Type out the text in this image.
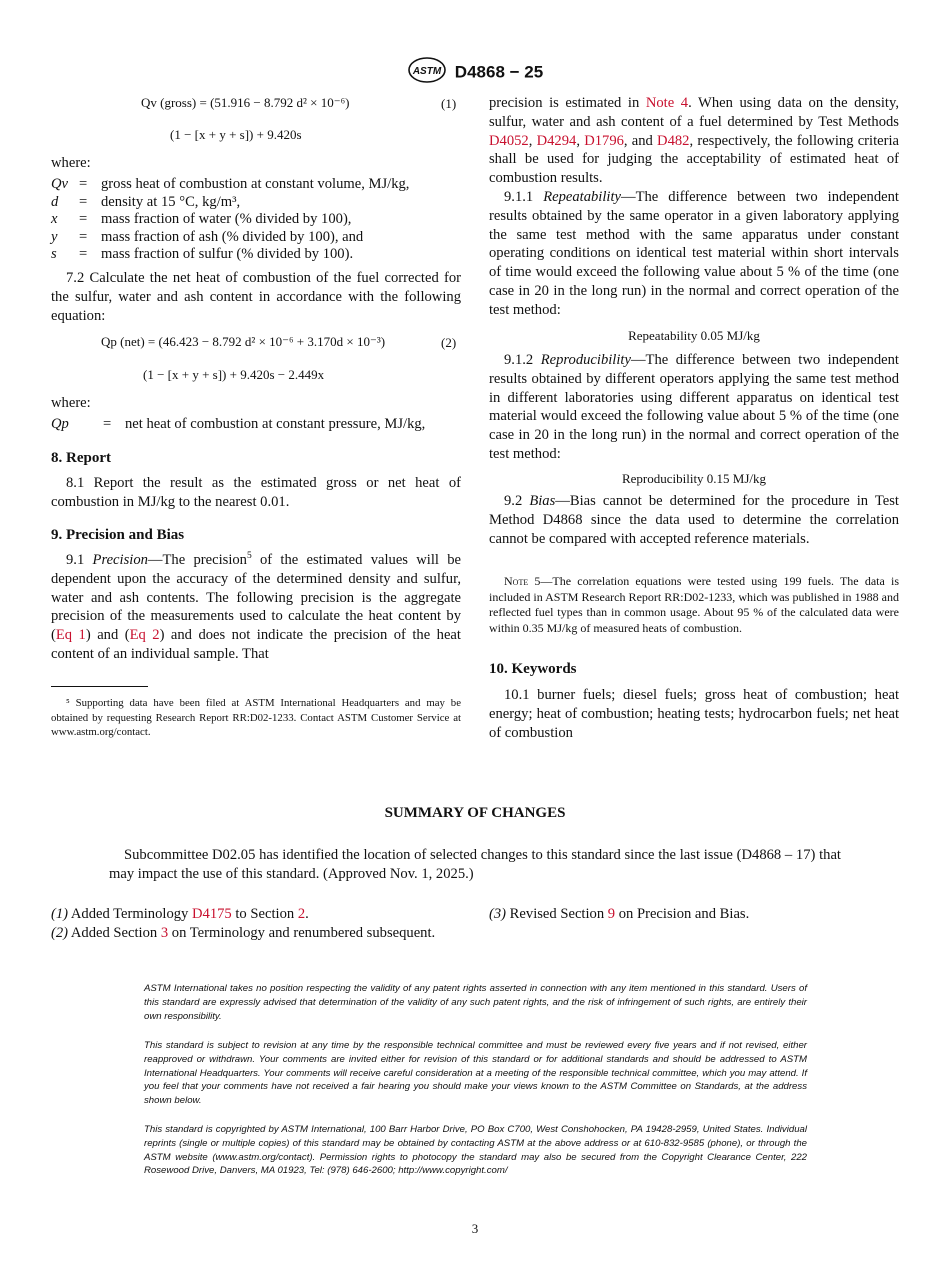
ASTM D4868 − 25
Qv (gross) = (51.916 − 8.792 d² × 10⁻⁶)	(1)
(1 − [x + y + s]) + 9.420s
where:
Qv = gross heat of combustion at constant volume, MJ/kg,
d	= density at 15 °C, kg/m³,
x	= mass fraction of water (% divided by 100),
y	= mass fraction of ash (% divided by 100), and
s	= mass fraction of sulfur (% divided by 100).

7.2 Calculate the net heat of combustion of the fuel corrected for the sulfur, water and ash content in accordance with the following equation:

Qp (net) = (46.423 − 8.792 d² × 10⁻⁶ + 3.170d × 10⁻³)	(2)
(1 − [x + y + s]) + 9.420s − 2.449x
where:
Qp	= net heat of combustion at constant pressure, MJ/kg,
8. Report

8.1 Report the result as the estimated gross or net heat of combustion in MJ/kg to the nearest 0.01.

9. Precision and Bias

9.1 Precision—The precision$^5$ of the estimated values will be dependent upon the accuracy of the determined density and sulfur, water and ash contents. The following precision is the aggregate precision of the measurements used to calculate the heat content by (Eq 1) and (Eq 2) and does not indicate the precision of the heat content of an individual sample. That

⁵ Supporting data have been filed at ASTM International Headquarters and may be obtained by requesting Research Report RR:D02-1233. Contact ASTM Customer Service at www.astm.org/contact.

precision is estimated in Note 4. When using data on the density, sulfur, water and ash content of a fuel determined by Test Methods D4052, D4294, D1796, and D482, respectively, the following criteria shall be used for judging the acceptability of estimated heat of combustion results.

9.1.1 Repeatability—The difference between two independent results obtained by the same operator in a given laboratory applying the same test method with the same apparatus under constant operating conditions on identical test material within short intervals of time would exceed the following value about 5 % of the time (one case in 20 in the long run) in the normal and correct operation of the test method:

Repeatability 0.05 MJ/kg

9.1.2 Reproducibility—The difference between two independent results obtained by different operators applying the same test method in different laboratories using different apparatus on identical test material would exceed the following value about 5 % of the time (one case in 20 in the long run) in the normal and correct operation of the test method:

Reproducibility 0.15 MJ/kg

9.2 Bias—Bias cannot be determined for the procedure in Test Method D4868 since the data used to determine the correlation cannot be compared with accepted reference materials.

Note 5—The correlation equations were tested using 199 fuels. The data is included in ASTM Research Report RR:D02-1233, which was published in 1988 and reflected fuel types than in common usage. About 95 % of the calculated data were within 0.35 MJ/kg of measured heats of combustion.

10. Keywords

10.1 burner fuels; diesel fuels; gross heat of combustion; heat energy; heat of combustion; heating tests; hydrocarbon fuels; net heat of combustion

SUMMARY OF CHANGES

Subcommittee D02.05 has identified the location of selected changes to this standard since the last issue (D4868 – 17) that may impact the use of this standard. (Approved Nov. 1, 2025.)

(1) Added Terminology D4175 to Section 2.

(2) Added Section 3 on Terminology and renumbered subsequent.

(3) Revised Section 9 on Precision and Bias.

ASTM International takes no position respecting the validity of any patent rights asserted in connection with any item mentioned in this standard. Users of this standard are expressly advised that determination of the validity of any such patent rights, and the risk of infringement of such rights, are entirely their own responsibility.

This standard is subject to revision at any time by the responsible technical committee and must be reviewed every five years and if not revised, either reapproved or withdrawn. Your comments are invited either for revision of this standard or for additional standards and should be addressed to ASTM International Headquarters. Your comments will receive careful consideration at a meeting of the responsible technical committee, which you may attend. If you feel that your comments have not received a fair hearing you should make your views known to the ASTM Committee on Standards, at the address shown below.

This standard is copyrighted by ASTM International, 100 Barr Harbor Drive, PO Box C700, West Conshohocken, PA 19428-2959, United States. Individual reprints (single or multiple copies) of this standard may be obtained by contacting ASTM at the above address or at 610-832-9585 (phone), or through the ASTM website (www.astm.org/contact). Permission rights to photocopy the standard may also be secured from the Copyright Clearance Center, 222 Rosewood Drive, Danvers, MA 01923, Tel: (978) 646-2600; http://www.copyright.com/

3
